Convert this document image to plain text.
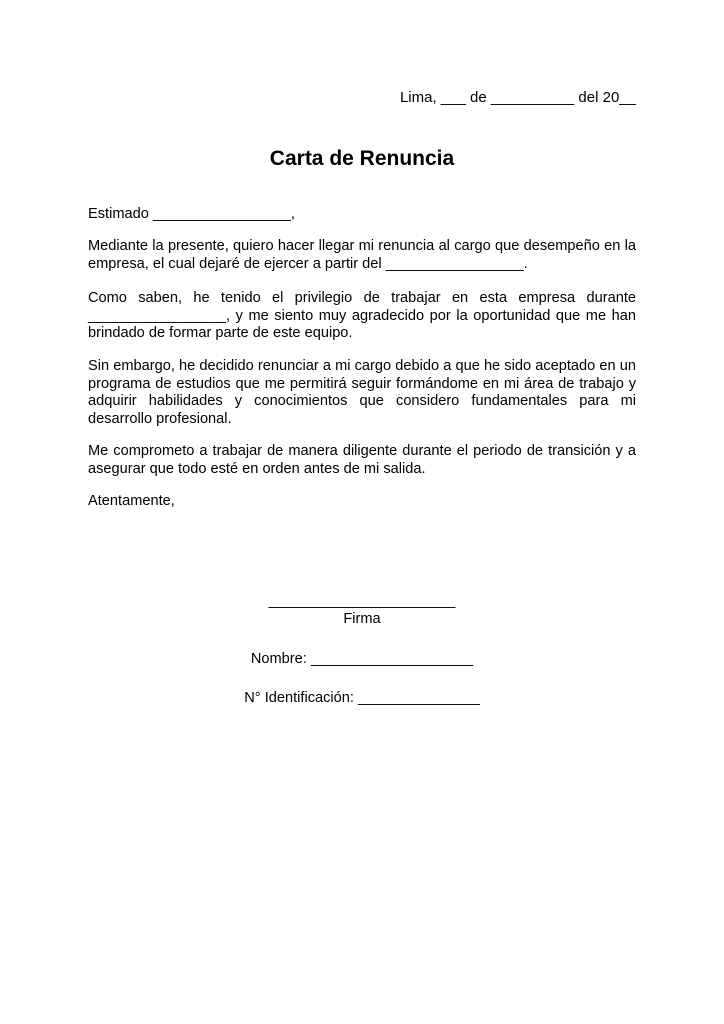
Lima, ___ de __________ del 20__
Carta de Renuncia
Estimado _________________,
Mediante la presente, quiero hacer llegar mi renuncia al cargo que desempeño en la empresa, el cual dejaré de ejercer a partir del _________________.
Como saben, he tenido el privilegio de trabajar en esta empresa durante _________________, y me siento muy agradecido por la oportunidad que me han brindado de formar parte de este equipo.
Sin embargo, he decidido renunciar a mi cargo debido a que he sido aceptado en un programa de estudios que me permitirá seguir formándome en mi área de trabajo y adquirir habilidades y conocimientos que considero fundamentales para mi desarrollo profesional.
Me comprometo a trabajar de manera diligente durante el periodo de transición y a asegurar que todo esté en orden antes de mi salida.
Atentamente,
_______________________
Firma
Nombre: ____________________
N° Identificación: _______________
